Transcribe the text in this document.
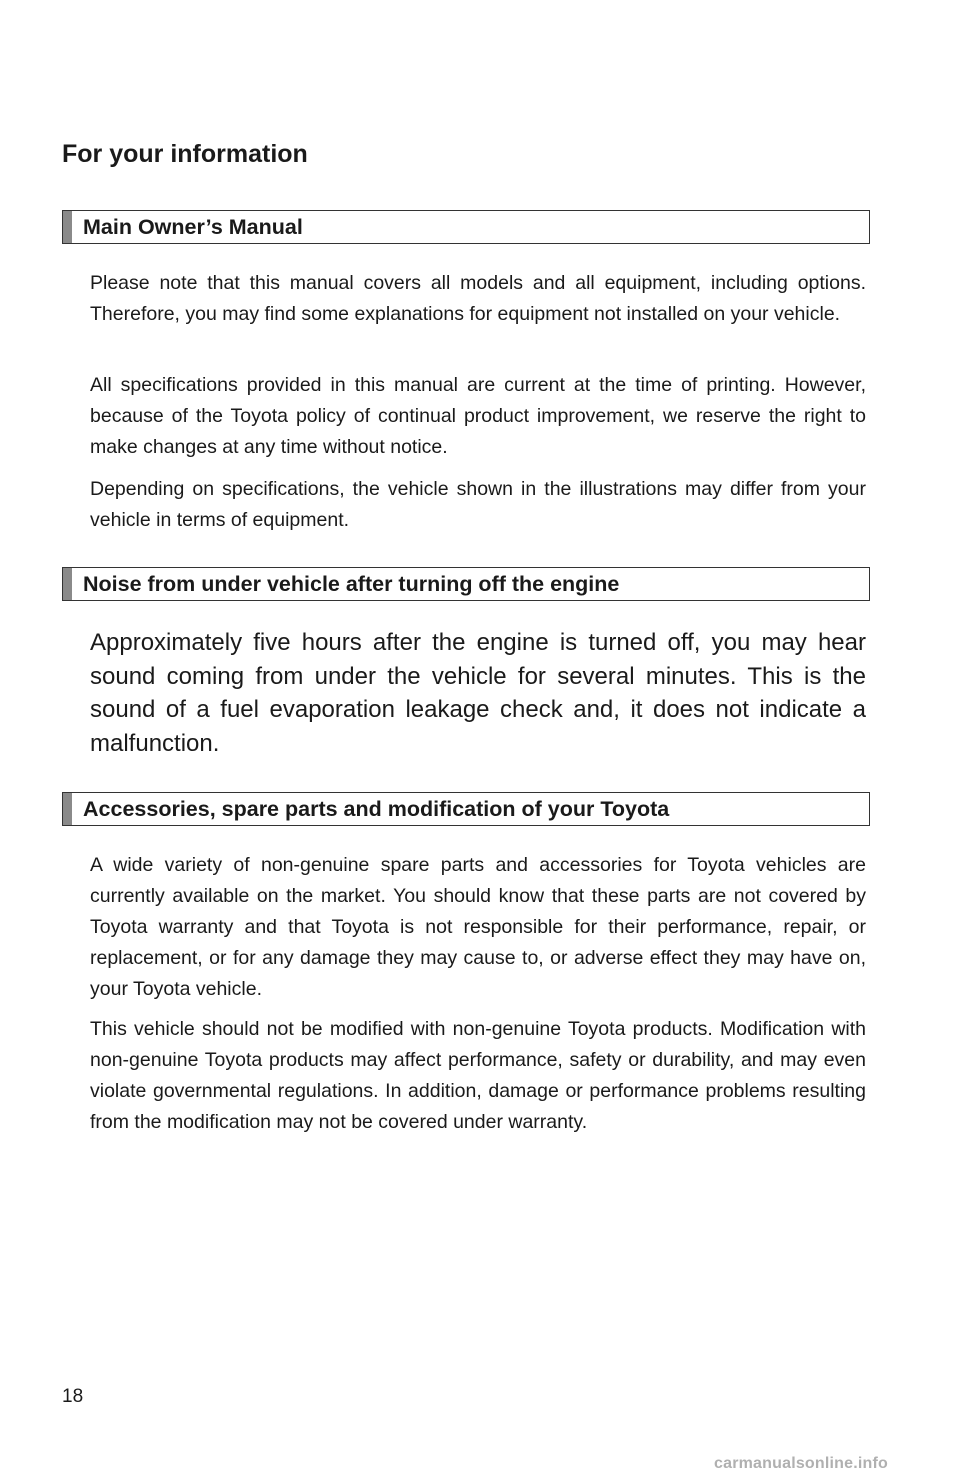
For your information
Main Owner’s Manual

Please note that this manual covers all models and all equipment, including options. Therefore, you may find some explanations for equipment not installed on your vehicle.

All specifications provided in this manual are current at the time of printing. However, because of the Toyota policy of continual product improvement, we reserve the right to make changes at any time without notice.

Depending on specifications, the vehicle shown in the illustrations may differ from your vehicle in terms of equipment.

Noise from under vehicle after turning off the engine

Approximately five hours after the engine is turned off, you may hear sound coming from under the vehicle for several minutes. This is the sound of a fuel evaporation leakage check and, it does not indicate a malfunction.

Accessories, spare parts and modification of your Toyota

A wide variety of non-genuine spare parts and accessories for Toyota vehicles are currently available on the market. You should know that these parts are not covered by Toyota warranty and that Toyota is not responsible for their performance, repair, or replacement, or for any damage they may cause to, or adverse effect they may have on, your Toyota vehicle.

This vehicle should not be modified with non-genuine Toyota products. Modification with non-genuine Toyota products may affect performance, safety or durability, and may even violate governmental regulations. In addition, damage or performance problems resulting from the modification may not be covered under warranty.

18
carmanualsonline.info
